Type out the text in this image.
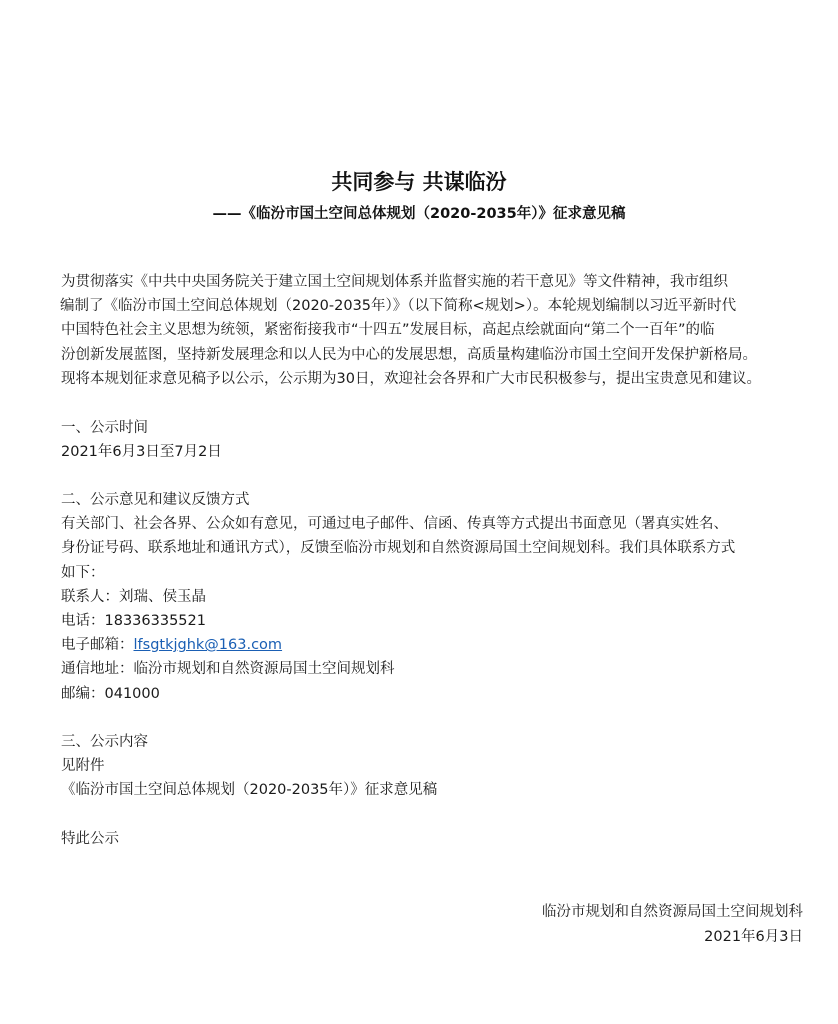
共同参与 共谋临汾
——《临汾市国土空间总体规划（2020-2035年）》征求意见稿
为贯彻落实《中共中央国务院关于建立国土空间规划体系并监督实施的若干意见》等文件精神，我市组织
编制了《临汾市国土空间总体规划（2020-2035年）》（以下简称<规划>）。本轮规划编制以习近平新时代
中国特色社会主义思想为统领，紧密衔接我市“十四五”发展目标，高起点绘就面向“第二个一百年”的临
汾创新发展蓝图，坚持新发展理念和以人民为中心的发展思想，高质量构建临汾市国土空间开发保护新格局。
现将本规划征求意见稿予以公示，公示期为30日，欢迎社会各界和广大市民积极参与，提出宝贵意见和建议。
一、公示时间
2021年6月3日至7月2日
二、公示意见和建议反馈方式
有关部门、社会各界、公众如有意见，可通过电子邮件、信函、传真等方式提出书面意见（署真实姓名、
身份证号码、联系地址和通讯方式），反馈至临汾市规划和自然资源局国土空间规划科。我们具体联系方式
如下：
联系人：刘瑞、侯玉晶
电话：18336335521
电子邮箱：lfsgtkjghk@163.com
通信地址：临汾市规划和自然资源局国土空间规划科
邮编：041000
三、公示内容
见附件
《临汾市国土空间总体规划（2020-2035年）》征求意见稿
特此公示
临汾市规划和自然资源局国土空间规划科
2021年6月3日
